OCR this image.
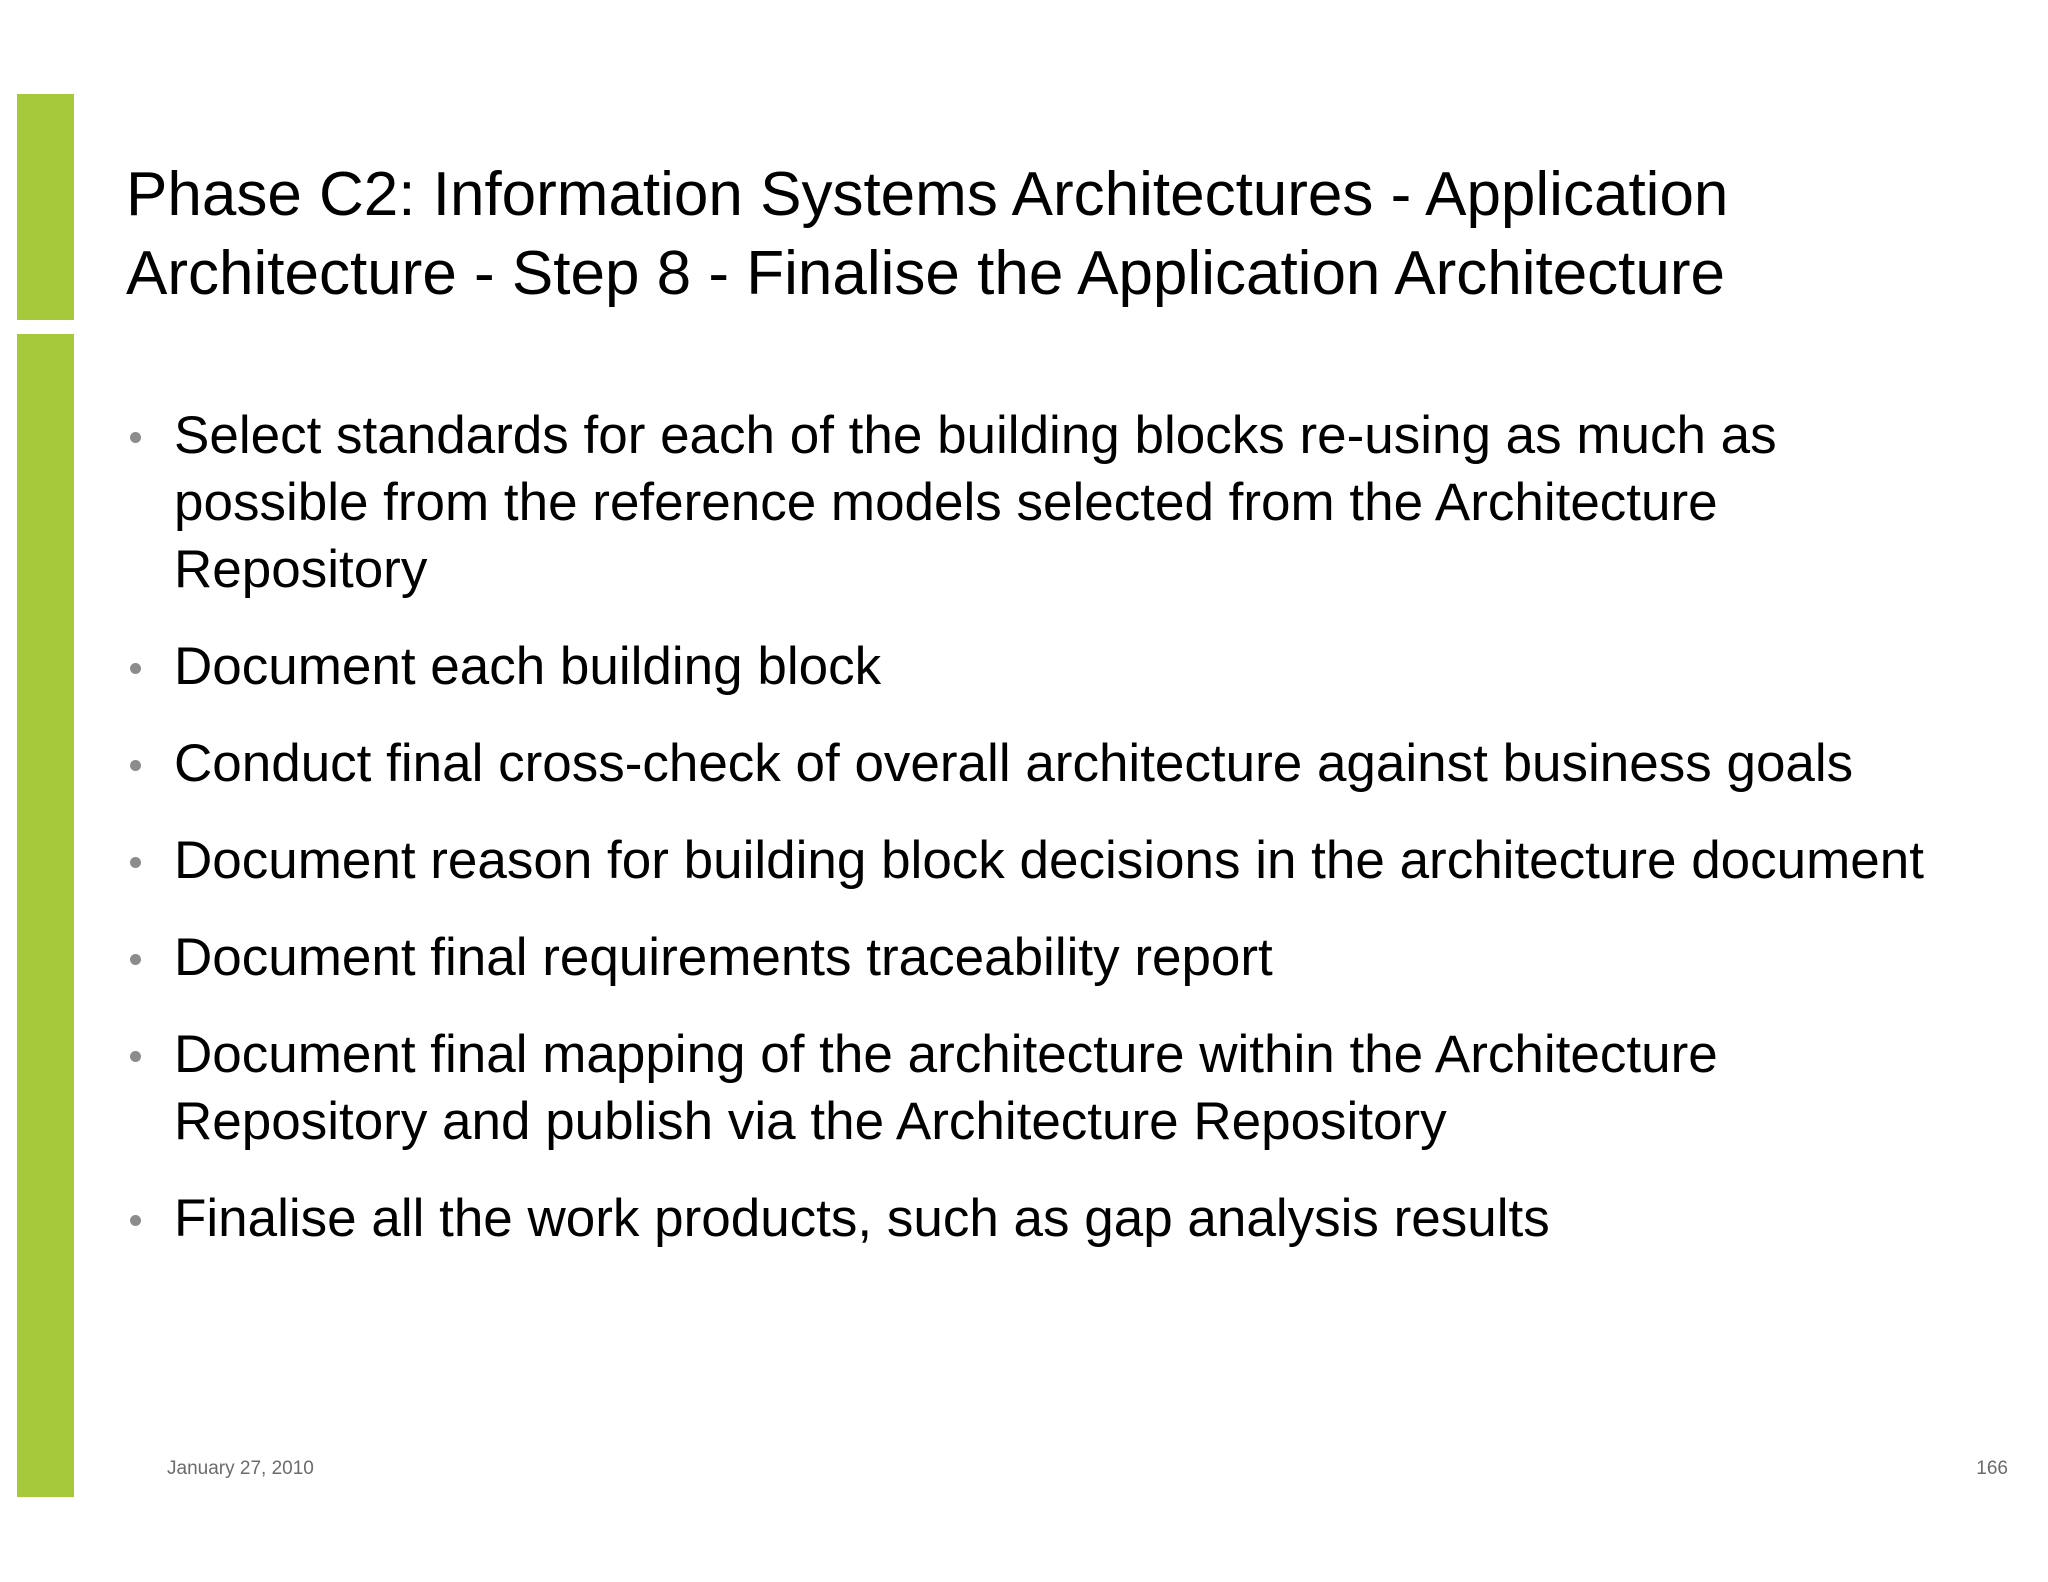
Phase C2: Information Systems Architectures - Application
Architecture - Step 8 - Finalise the Application Architecture
Select standards for each of the building blocks re-using as much as possible from the reference models selected from the Architecture Repository
Document each building block
Conduct final cross-check of overall architecture against business goals
Document reason for building block decisions in the architecture document
Document final requirements traceability report
Document final mapping of the architecture within the Architecture Repository and publish via the Architecture Repository
Finalise all the work products, such as gap analysis results
January 27, 2010	166
